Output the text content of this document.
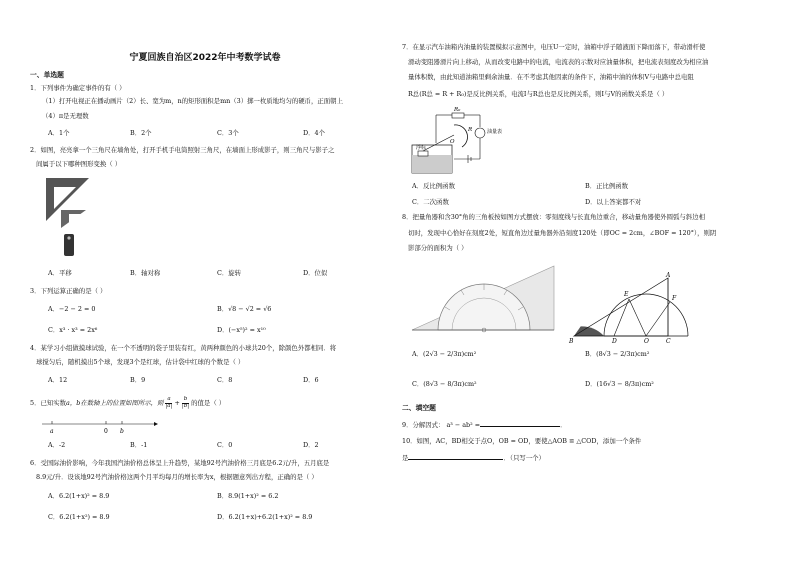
宁夏回族自治区2022年中考数学试卷
一、单选题
1．下列事件为确定事件的有（ ）
（1）打开电视正在播动画片（2）长、宽为m，n的矩形面积是mn（3）掷一枚质地均匀的硬币，正面朝上
（4）π是无理数
A．1个	B．2个	C．3个	D．4个
2．如图，亮亮拿一个三角尺在墙角处，打开手机手电筒照射三角尺，在墙面上形成影子，则三角尺与影子之
间属于以下哪种图形变换（ ）
A．平移	B．轴对称	C．旋转	D．位似
3．下列运算正确的是（ ）
A．−2 − 2 = 0	B．√8 − √2 = √6
C．x³ · x³ = 2x⁶	D．(−x⁵)² = x¹⁰
4．某学习小组做摸球试验，在一个不透明的袋子里装有红，黄两种颜色的小球共20个，除颜色外都相同．将
球搅匀后，随机摸出5个球，发现3个是红球，估计袋中红球的个数是（ ）
A．12	B．9	C．8	D．6
5．已知实数a，b在数轴上的位置如图所示，则 $\frac{a}{|a|} + \frac{b}{|b|}$ 的值是（ ）
a	0 b
A．-2	B．-1	C．0	D．2
6．受国际油价影响，今年我国汽油价格总体呈上升趋势，某地92号汽油价格三月底是6.2元/升，五月底是
8.9元/升．设该地92号汽油价格这两个月平均每月的增长率为x，根据题意列出方程，正确的是（ ）
A．6.2(1+x)² = 8.9	B．8.9(1+x)² = 6.2
C．6.2(1+x²) = 8.9	D．6.2(1+x)+6.2(1+x)² = 8.9
7．在显示汽车油箱内油量的装置模拟示意图中，电压U一定时，油箱中浮子随液面下降而落下，带动滑杆使
滑动变阻器滑片向上移动，从而改变电路中的电流，电流表的示数对应油量体积，把电流表刻度改为相应油
量体积数，由此知道油箱里剩余油量．在不考虑其他因素的条件下，油箱中油的体积V与电路中总电阻
R总(R总 = R + R₀)是反比例关系，电流I与R总也是反比例关系，则I与V的函数关系是（ ）
R₀
R
O
浮标
油量表
A．反比例函数	B．正比例函数
C．二次函数	D．以上答案都不对
8．把量角器和含30°角的三角板按如图方式摆放：零刻度线与长直角边重合，移动量角器使外圆弧与斜边相
切时，发现中心恰好在刻度2处，短直角边过量角器外沿刻度120处（即OC = 2cm，∠BOF = 120°），则阴
影部分的面积为（ ）
A
E
F
B	D	O	C
A．(2√3 − 2/3π)cm²	B．(8√3 − 2/3π)cm²
C．(8√3 − 8/3π)cm²	D．(16√3 − 8/3π)cm²
二、填空题
9．分解因式： a³ − ab² =	．
10．如图，AC，BD相交于点O，OB = OD，要使△AOB ≌ △COD，添加一个条件
是	．（只写一个）
